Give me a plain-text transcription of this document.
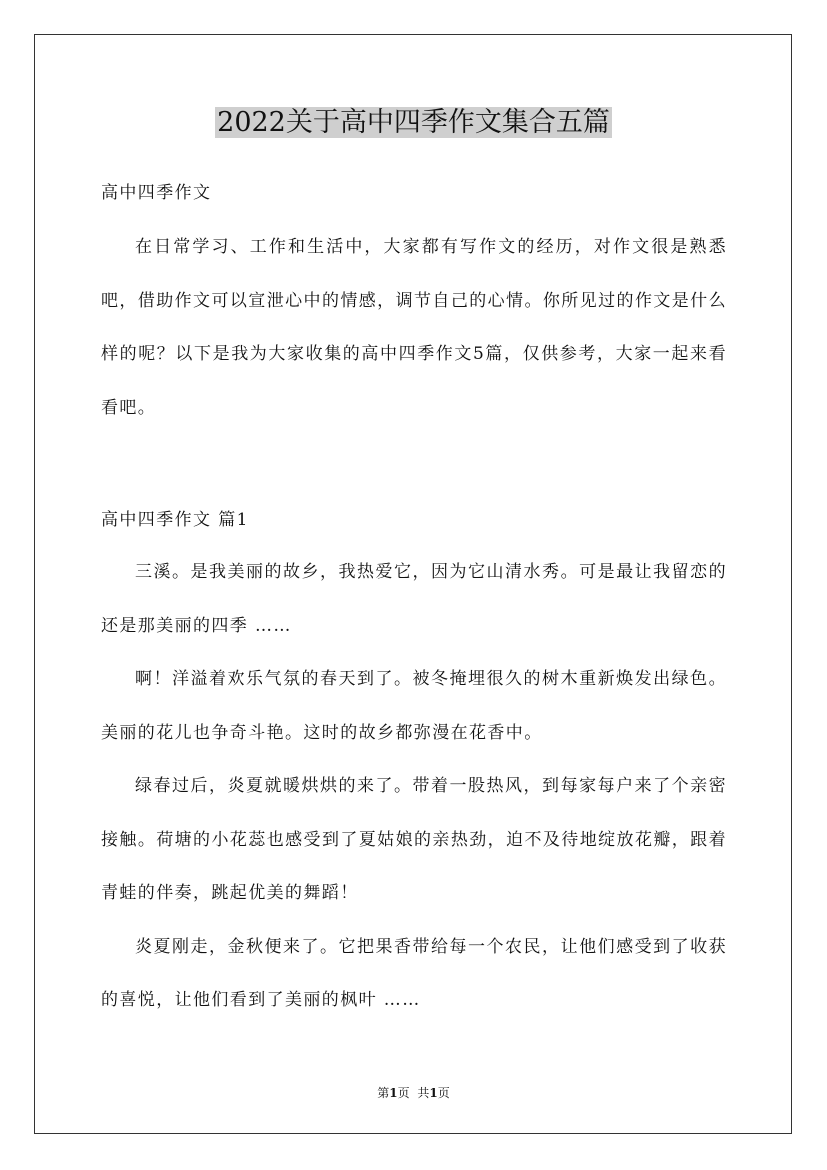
2022关于高中四季作文集合五篇
高中四季作文

在日常学习、工作和生活中，大家都有写作文的经历，对作文很是熟悉吧，借助作文可以宣泄心中的情感，调节自己的心情。你所见过的作文是什么样的呢？以下是我为大家收集的高中四季作文5篇，仅供参考，大家一起来看看吧。

高中四季作文 篇1

三溪。是我美丽的故乡，我热爱它，因为它山清水秀。可是最让我留恋的还是那美丽的四季 ……

啊！洋溢着欢乐气氛的春天到了。被冬掩埋很久的树木重新焕发出绿色。美丽的花儿也争奇斗艳。这时的故乡都弥漫在花香中。

绿春过后，炎夏就暖烘烘的来了。带着一股热风，到每家每户来了个亲密接触。荷塘的小花蕊也感受到了夏姑娘的亲热劲，迫不及待地绽放花瓣，跟着青蛙的伴奏，跳起优美的舞蹈！

炎夏刚走，金秋便来了。它把果香带给每一个农民，让他们感受到了收获的喜悦，让他们看到了美丽的枫叶 ……

第1页 共1页
